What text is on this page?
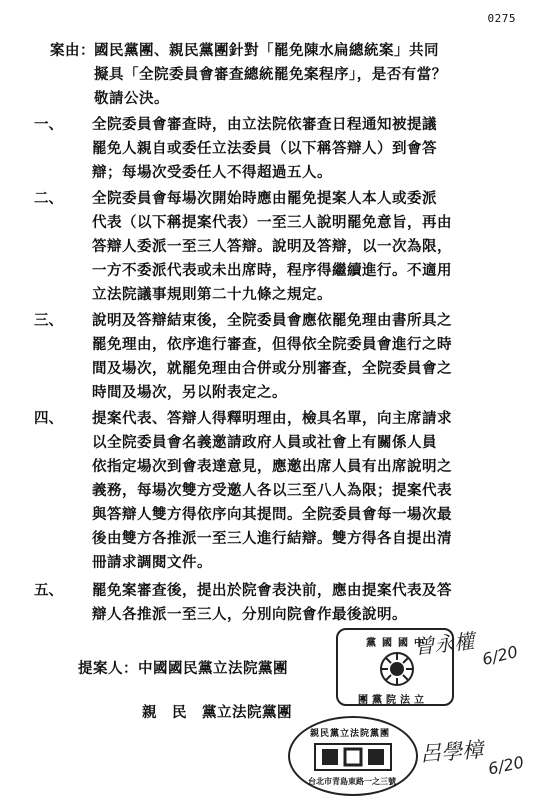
0275
案由： 國民黨團、親民黨團針對「罷免陳水扁總統案」共同
擬具「全院委員會審查總統罷免案程序」，是否有當？
敬請公決。
一、 全院委員會審查時，由立法院依審查日程通知被提議
罷免人親自或委任立法委員（以下稱答辯人）到會答
辯；每場次受委任人不得超過五人。
二、 全院委員會每場次開始時應由罷免提案人本人或委派
代表（以下稱提案代表）一至三人說明罷免意旨，再由
答辯人委派一至三人答辯。說明及答辯，以一次為限，
一方不委派代表或未出席時，程序得繼續進行。不適用
立法院議事規則第二十九條之規定。
三、 說明及答辯結束後，全院委員會應依罷免理由書所具之
罷免理由，依序進行審查，但得依全院委員會進行之時
間及場次，就罷免理由合併或分別審查，全院委員會之
時間及場次，另以附表定之。
四、 提案代表、答辯人得釋明理由，檢具名單，向主席請求
以全院委員會名義邀請政府人員或社會上有關係人員
依指定場次到會表達意見，應邀出席人員有出席說明之
義務，每場次雙方受邀人各以三至八人為限；提案代表
與答辯人雙方得依序向其提問。全院委員會每一場次最
後由雙方各推派一至三人進行結辯。雙方得各自提出清
冊請求調閱文件。
五、 罷免案審查後，提出於院會表決前，應由提案代表及答
辯人各推派一至三人，分別向院會作最後說明。
提案人：中國國民黨立法院黨團
親　民　黨立法院黨團
黨國國中
團黨院法立
親民黨立法院黨團
台北市青島東路一之三號
曾永權 6/20
呂學樟 6/20
